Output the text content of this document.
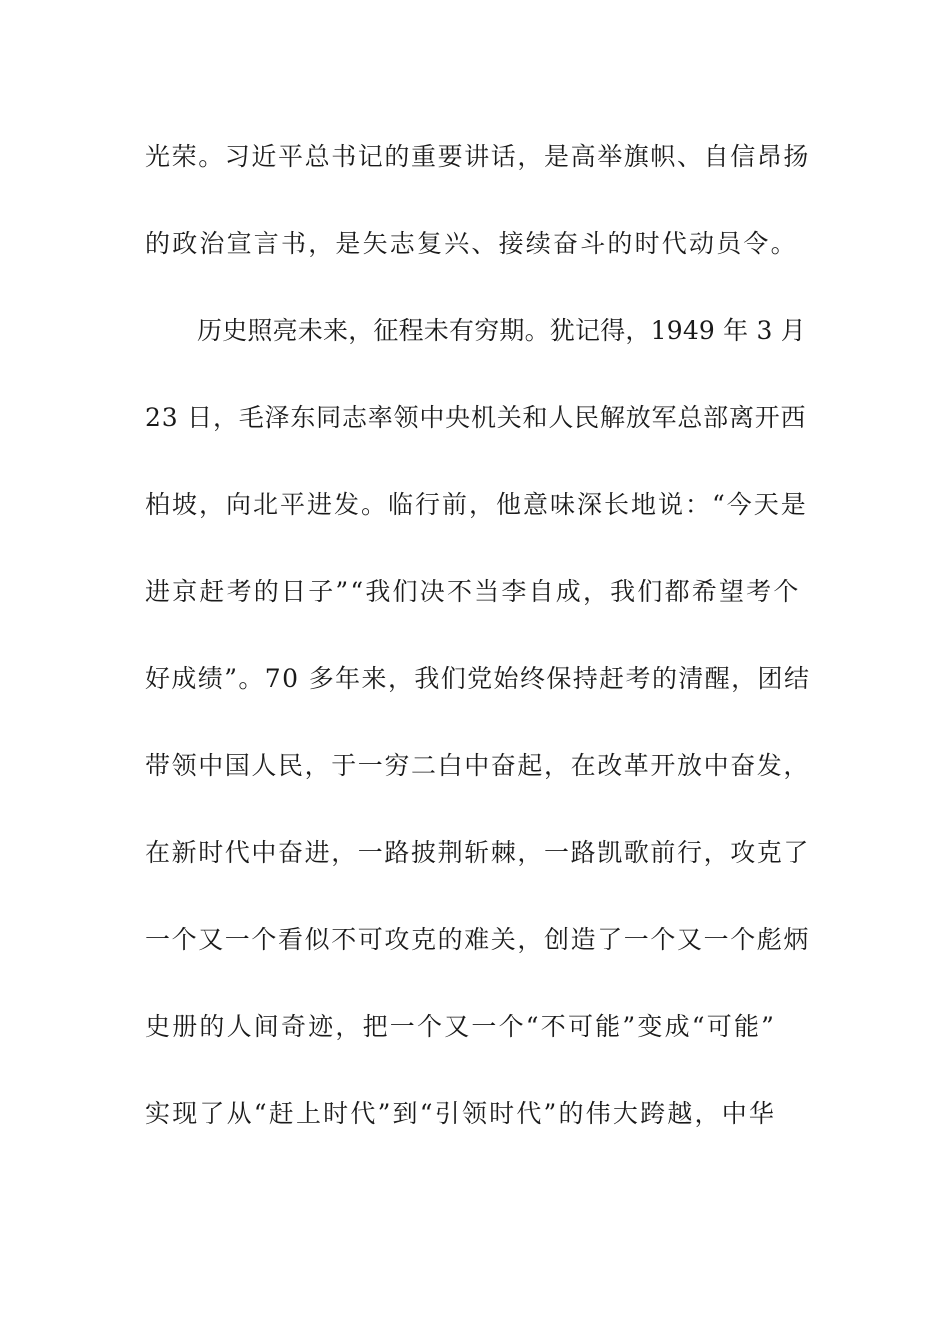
光荣。习近平总书记的重要讲话，是高举旗帜、自信昂扬
的政治宣言书，是矢志复兴、接续奋斗的时代动员令。
历史照亮未来，征程未有穷期。犹记得，1949 年 3 月
23 日，毛泽东同志率领中央机关和人民解放军总部离开西
柏坡，向北平进发。临行前，他意味深长地说：“今天是
进京赶考的日子”“我们决不当李自成，我们都希望考个
好成绩”。70 多年来，我们党始终保持赶考的清醒，团结
带领中国人民，于一穷二白中奋起，在改革开放中奋发，
在新时代中奋进，一路披荆斩棘，一路凯歌前行，攻克了
一个又一个看似不可攻克的难关，创造了一个又一个彪炳
史册的人间奇迹，把一个又一个“不可能”变成“可能”
实现了从“赶上时代”到“引领时代”的伟大跨越，中华
